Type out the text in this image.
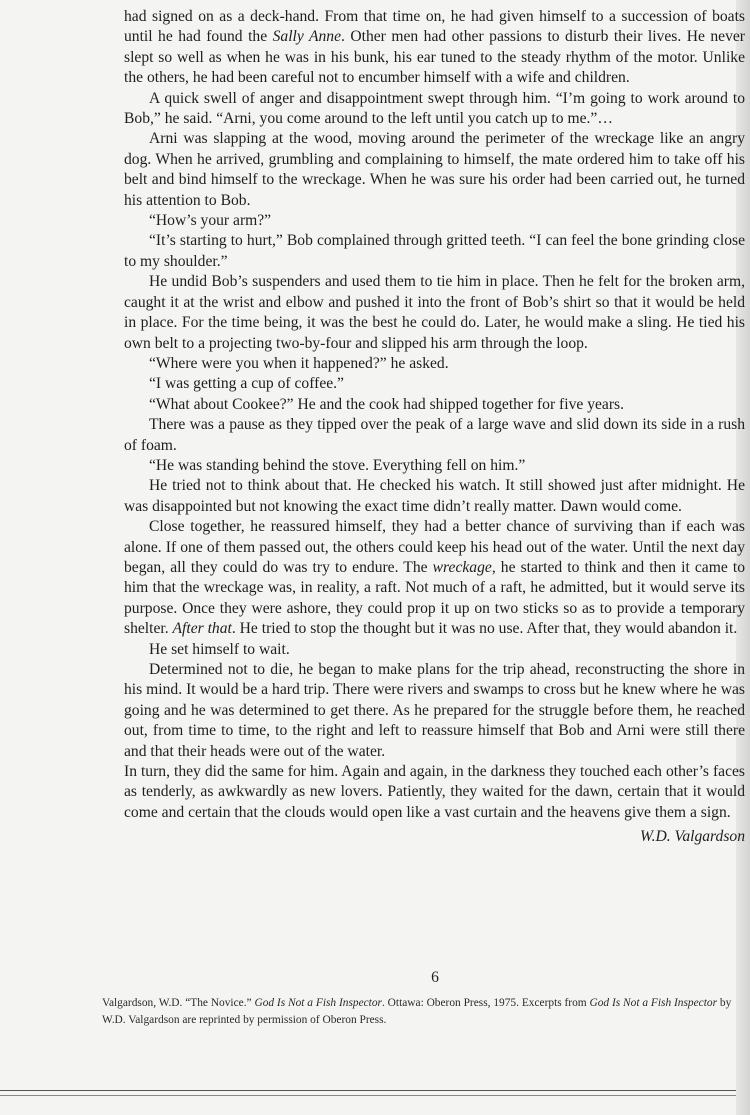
had signed on as a deck-hand. From that time on, he had given himself to a succession of boats until he had found the Sally Anne. Other men had other passions to disturb their lives. He never slept so well as when he was in his bunk, his ear tuned to the steady rhythm of the motor. Unlike the others, he had been careful not to encumber himself with a wife and children.

A quick swell of anger and disappointment swept through him. “I’m going to work around to Bob,” he said. “Arni, you come around to the left until you catch up to me.”…

Arni was slapping at the wood, moving around the perimeter of the wreckage like an angry dog. When he arrived, grumbling and complaining to himself, the mate ordered him to take off his belt and bind himself to the wreckage. When he was sure his order had been carried out, he turned his attention to Bob.

“How’s your arm?”

“It’s starting to hurt,” Bob complained through gritted teeth. “I can feel the bone grinding close to my shoulder.”

He undid Bob’s suspenders and used them to tie him in place. Then he felt for the broken arm, caught it at the wrist and elbow and pushed it into the front of Bob’s shirt so that it would be held in place. For the time being, it was the best he could do. Later, he would make a sling. He tied his own belt to a projecting two-by-four and slipped his arm through the loop.

“Where were you when it happened?” he asked.

“I was getting a cup of coffee.”

“What about Cookee?” He and the cook had shipped together for five years.

There was a pause as they tipped over the peak of a large wave and slid down its side in a rush of foam.

“He was standing behind the stove. Everything fell on him.”

He tried not to think about that. He checked his watch. It still showed just after midnight. He was disappointed but not knowing the exact time didn’t really matter. Dawn would come.

Close together, he reassured himself, they had a better chance of surviving than if each was alone. If one of them passed out, the others could keep his head out of the water. Until the next day began, all they could do was try to endure. The wreckage, he started to think and then it came to him that the wreckage was, in reality, a raft. Not much of a raft, he admitted, but it would serve its purpose. Once they were ashore, they could prop it up on two sticks so as to provide a temporary shelter. After that. He tried to stop the thought but it was no use. After that, they would abandon it.

He set himself to wait.

Determined not to die, he began to make plans for the trip ahead, reconstructing the shore in his mind. It would be a hard trip. There were rivers and swamps to cross but he knew where he was going and he was determined to get there. As he prepared for the struggle before them, he reached out, from time to time, to the right and left to reassure himself that Bob and Arni were still there and that their heads were out of the water.

In turn, they did the same for him. Again and again, in the darkness they touched each other’s faces as tenderly, as awkwardly as new lovers. Patiently, they waited for the dawn, certain that it would come and certain that the clouds would open like a vast curtain and the heavens give them a sign.

W.D. Valgardson
6
Valgardson, W.D. “The Novice.” God Is Not a Fish Inspector. Ottawa: Oberon Press, 1975. Excerpts from God Is Not a Fish Inspector by W.D. Valgardson are reprinted by permission of Oberon Press.
